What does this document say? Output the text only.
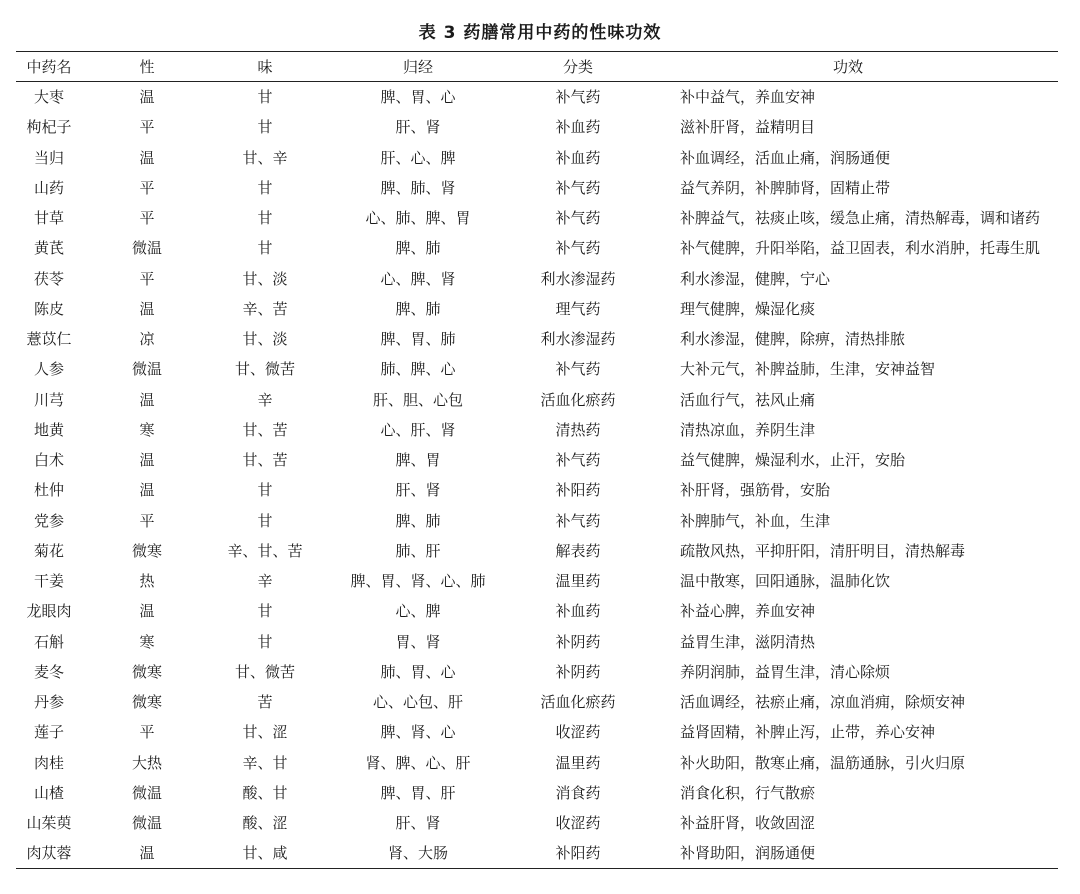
表 3 药膳常用中药的性味功效
中药名	性	味	归经	分类	功效
大枣	温	甘	脾、胃、心	补气药	补中益气，养血安神
枸杞子	平	甘	肝、肾	补血药	滋补肝肾，益精明目
当归	温	甘、辛	肝、心、脾	补血药	补血调经，活血止痛，润肠通便
山药	平	甘	脾、肺、肾	补气药	益气养阴，补脾肺肾，固精止带
甘草	平	甘	心、肺、脾、胃	补气药	补脾益气，祛痰止咳，缓急止痛，清热解毒，调和诸药
黄芪	微温	甘	脾、肺	补气药	补气健脾，升阳举陷，益卫固表，利水消肿，托毒生肌
茯苓	平	甘、淡	心、脾、肾	利水渗湿药	利水渗湿，健脾，宁心
陈皮	温	辛、苦	脾、肺	理气药	理气健脾，燥湿化痰
薏苡仁	凉	甘、淡	脾、胃、肺	利水渗湿药	利水渗湿，健脾，除痹，清热排脓
人参	微温	甘、微苦	肺、脾、心	补气药	大补元气，补脾益肺，生津，安神益智
川芎	温	辛	肝、胆、心包	活血化瘀药	活血行气，祛风止痛
地黄	寒	甘、苦	心、肝、肾	清热药	清热凉血，养阴生津
白术	温	甘、苦	脾、胃	补气药	益气健脾，燥湿利水，止汗，安胎
杜仲	温	甘	肝、肾	补阳药	补肝肾，强筋骨，安胎
党参	平	甘	脾、肺	补气药	补脾肺气，补血，生津
菊花	微寒	辛、甘、苦	肺、肝	解表药	疏散风热，平抑肝阳，清肝明目，清热解毒
干姜	热	辛	脾、胃、肾、心、肺	温里药	温中散寒，回阳通脉，温肺化饮
龙眼肉	温	甘	心、脾	补血药	补益心脾，养血安神
石斛	寒	甘	胃、肾	补阴药	益胃生津，滋阴清热
麦冬	微寒	甘、微苦	肺、胃、心	补阴药	养阴润肺，益胃生津，清心除烦
丹参	微寒	苦	心、心包、肝	活血化瘀药	活血调经，祛瘀止痛，凉血消痈，除烦安神
莲子	平	甘、涩	脾、肾、心	收涩药	益肾固精，补脾止泻，止带，养心安神
肉桂	大热	辛、甘	肾、脾、心、肝	温里药	补火助阳，散寒止痛，温筋通脉，引火归原
山楂	微温	酸、甘	脾、胃、肝	消食药	消食化积，行气散瘀
山茱萸	微温	酸、涩	肝、肾	收涩药	补益肝肾，收敛固涩
肉苁蓉	温	甘、咸	肾、大肠	补阳药	补肾助阳，润肠通便
